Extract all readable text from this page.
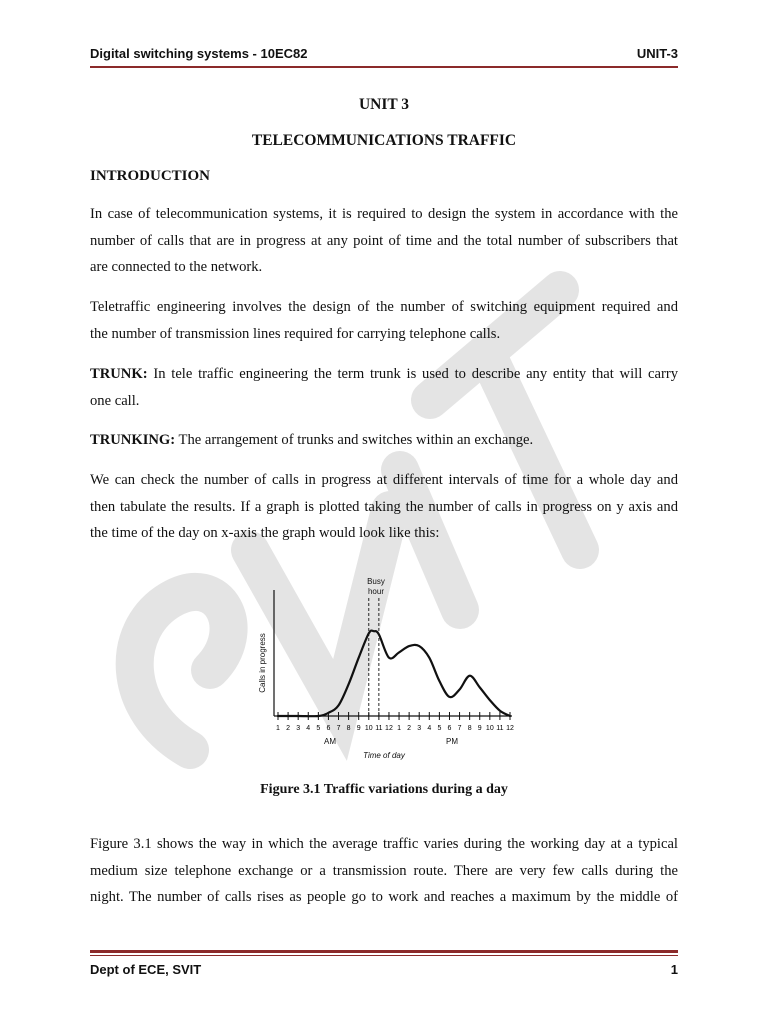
Digital switching systems - 10EC82	UNIT-3
UNIT 3
TELECOMMUNICATIONS TRAFFIC
INTRODUCTION
In case of telecommunication systems, it is required to design the system in accordance with the
number of calls that are in progress at any point of time and the total number of subscribers that
are connected to the network.
Teletraffic engineering involves the design of the number of switching equipment required and
the number of transmission lines required for carrying telephone calls.
TRUNK: In tele traffic engineering the term trunk is used to describe any entity that will carry
one call.
TRUNKING: The arrangement of trunks and switches within an exchange.
We can check the number of calls in progress at different intervals of time for a whole day and
then tabulate the results. If a graph is plotted taking the number of calls in progress on y axis and
the time of the day on x-axis the graph would look like this:
Calls in progress
Busy
hour
AM	PM
Time of day
1 2 3 4 5 6 7 8 9 10 11 12 1 2 3 4 5 6 7 8 9 10 11 12
Figure 3.1 Traffic variations during a day
Figure 3.1 shows the way in which the average traffic varies during the working day at a typical
medium size telephone exchange or a transmission route. There are very few calls during the
night. The number of calls rises as people go to work and reaches a maximum by the middle of
Dept of ECE, SVIT	1
